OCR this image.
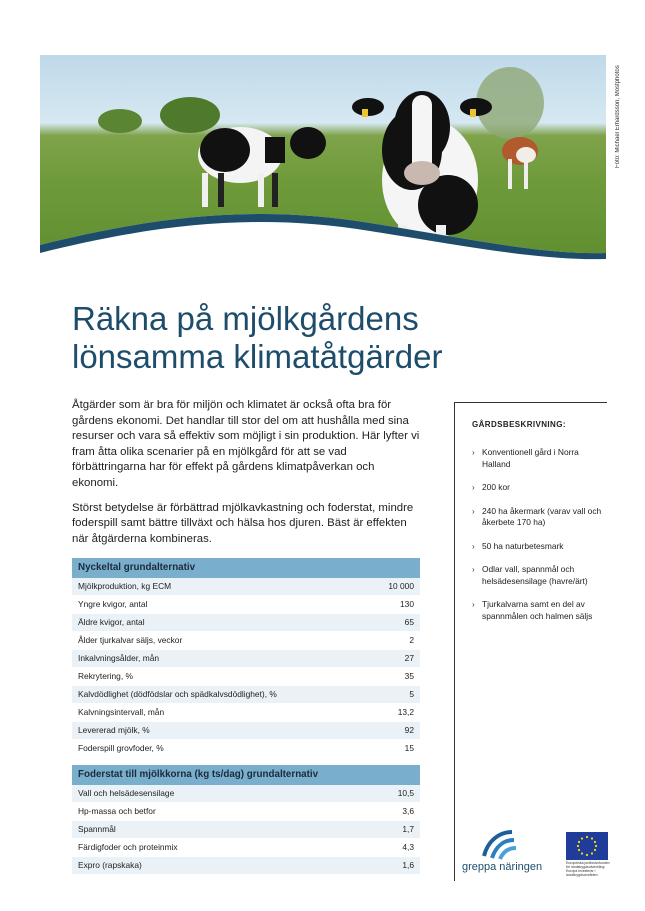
Foto: Michael Erhardsson, Mostphotos
Räkna på mjölkgårdens
lönsamma klimatåtgärder

Åtgärder som är bra för miljön och klimatet är också ofta bra för gårdens ekonomi. Det handlar till stor del om att hushålla med sina resurser och vara så effektiv som möjligt i sin produktion. Här lyfter vi fram åtta olika scenarier på en mjölkgård för att se vad förbättringarna har för effekt på gårdens klimatpåverkan och ekonomi.

Störst betydelse är förbättrad mjölkavkastning och foderstat, mindre foderspill samt bättre tillväxt och hälsa hos djuren. Bäst är effekten när åtgärderna kombineras.

GÅRDSBESKRIVNING:
› Konventionell gård i Norra Halland
› 200 kor
› 240 ha åkermark (varav vall och åkerbete 170 ha)
› 50 ha naturbetesmark
› Odlar vall, spannmål och helsädesensilage (havre/ärt)
› Tjurkalvarna samt en del av spannmålen och halmen säljs
Nyckeltal grundalternativ
Mjölkproduktion, kg ECM	10 000
Yngre kvigor, antal	130
Äldre kvigor, antal	65
Ålder tjurkalvar säljs, veckor	2
Inkalvningsålder, mån	27
Rekrytering, %	35
Kalvdödlighet (dödfödslar och spädkalvsdödlighet), %	5
Kalvningsintervall, mån	13,2
Levererad mjölk, %	92
Foderspill grovfoder, %	15
Foderstat till mjölkkorna (kg ts/dag) grundalternativ
Vall och helsädesensilage	10,5
Hp-massa och betfor	3,6
Spannmål	1,7
Färdigfoder och proteinmix	4,3
Expro (rapskaka)	1,6	greppa näringen	Europeiska jordbruksfonden för landsbygdsutveckling: Europa investerar i landsbygdsområden
